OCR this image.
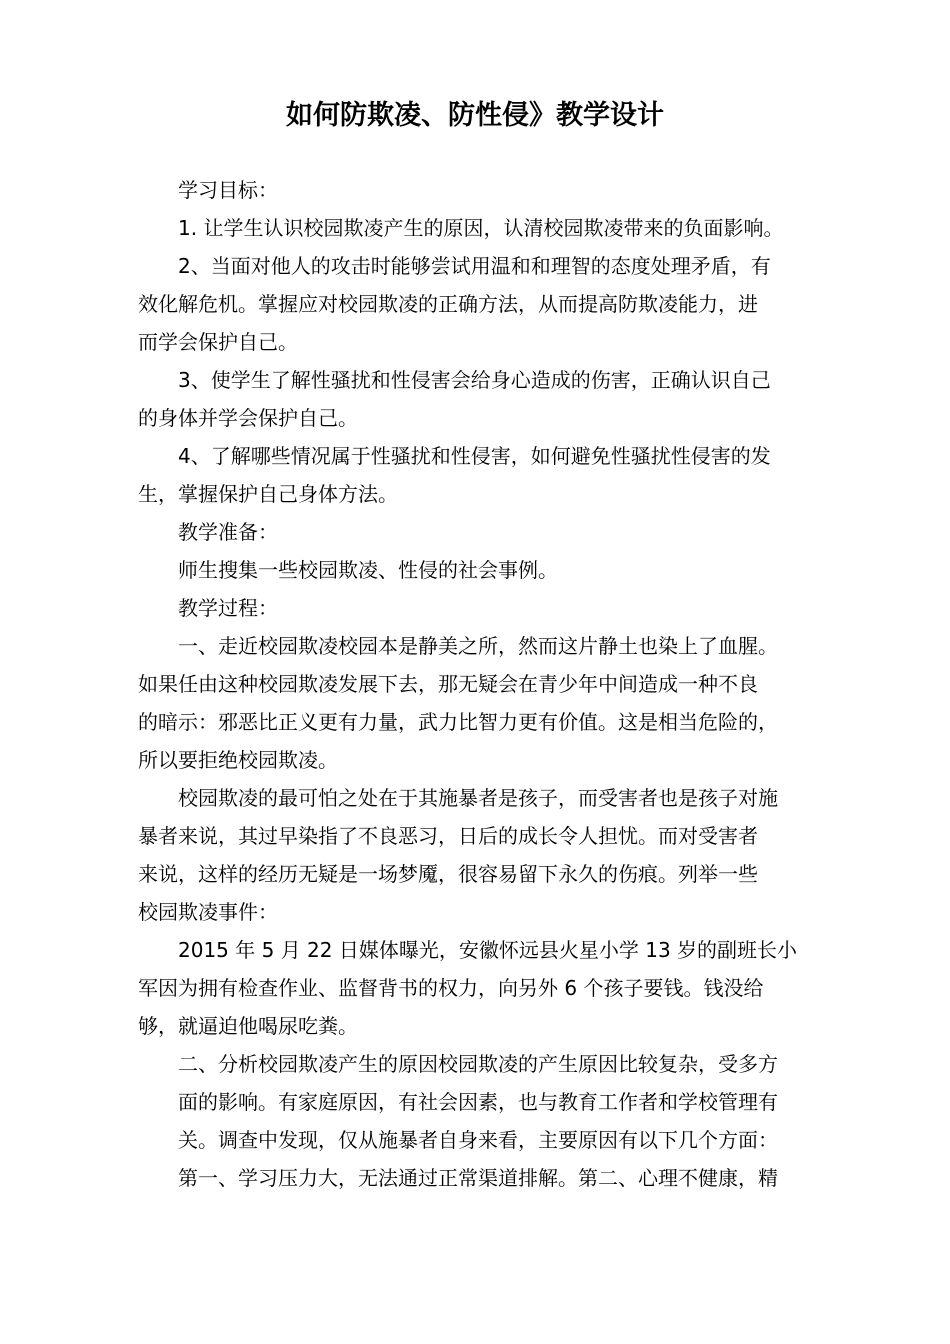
如何防欺凌、防性侵》教学设计
学习目标：
1. 让学生认识校园欺凌产生的原因，认清校园欺凌带来的负面影响。
2、当面对他人的攻击时能够尝试用温和和理智的态度处理矛盾，有
效化解危机。掌握应对校园欺凌的正确方法，从而提高防欺凌能力，进
而学会保护自己。
3、使学生了解性骚扰和性侵害会给身心造成的伤害，正确认识自己
的身体并学会保护自己。
4、了解哪些情况属于性骚扰和性侵害，如何避免性骚扰性侵害的发
生，掌握保护自己身体方法。
教学准备：
师生搜集一些校园欺凌、性侵的社会事例。
教学过程：
一、走近校园欺凌校园本是静美之所，然而这片静土也染上了血腥。
如果任由这种校园欺凌发展下去，那无疑会在青少年中间造成一种不良
的暗示：邪恶比正义更有力量，武力比智力更有价值。这是相当危险的，
所以要拒绝校园欺凌。
校园欺凌的最可怕之处在于其施暴者是孩子，而受害者也是孩子对施
暴者来说，其过早染指了不良恶习，日后的成长令人担忧。而对受害者
来说，这样的经历无疑是一场梦魇，很容易留下永久的伤痕。列举一些
校园欺凌事件：
2015 年 5 月 22 日媒体曝光，安徽怀远县火星小学 13 岁的副班长小
军因为拥有检查作业、监督背书的权力，向另外 6 个孩子要钱。钱没给
够，就逼迫他喝尿吃粪。
二、分析校园欺凌产生的原因校园欺凌的产生原因比较复杂，受多方
面的影响。有家庭原因，有社会因素，也与教育工作者和学校管理有
关。调查中发现，仅从施暴者自身来看，主要原因有以下几个方面：
第一、学习压力大，无法通过正常渠道排解。第二、心理不健康，精
